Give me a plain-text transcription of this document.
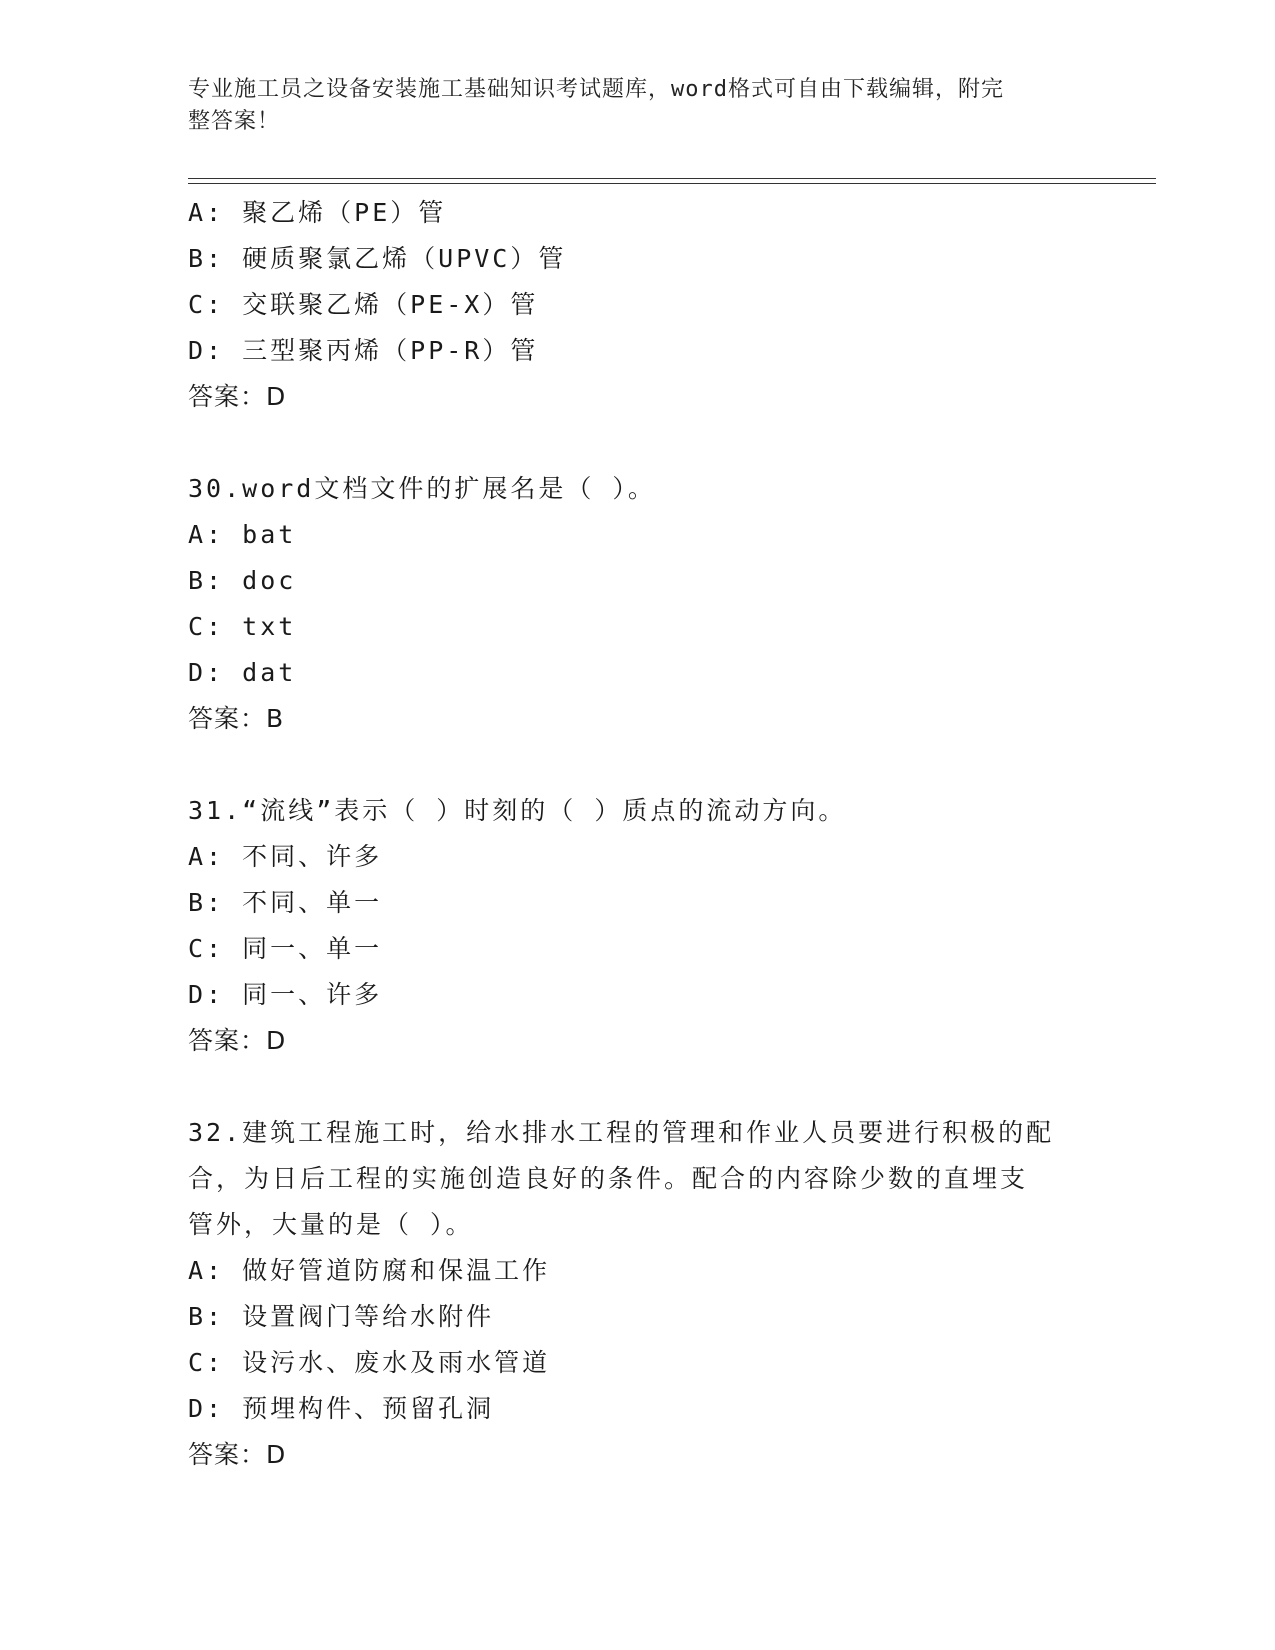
专业施工员之设备安装施工基础知识考试题库，word格式可自由下载编辑，附完
整答案！
A: 聚乙烯（PE）管
B: 硬质聚氯乙烯（UPVC）管
C: 交联聚乙烯（PE-X）管
D: 三型聚丙烯（PP-R）管
答案：D
30.word文档文件的扩展名是（ ）。
A: bat
B: doc
C: txt
D: dat
答案：B
31.“流线”表示（ ）时刻的（ ）质点的流动方向。
A: 不同、许多
B: 不同、单一
C: 同一、单一
D: 同一、许多
答案：D
32.建筑工程施工时，给水排水工程的管理和作业人员要进行积极的配
合，为日后工程的实施创造良好的条件。配合的内容除少数的直埋支
管外，大量的是（ ）。
A: 做好管道防腐和保温工作
B: 设置阀门等给水附件
C: 设污水、废水及雨水管道
D: 预埋构件、预留孔洞
答案：D
